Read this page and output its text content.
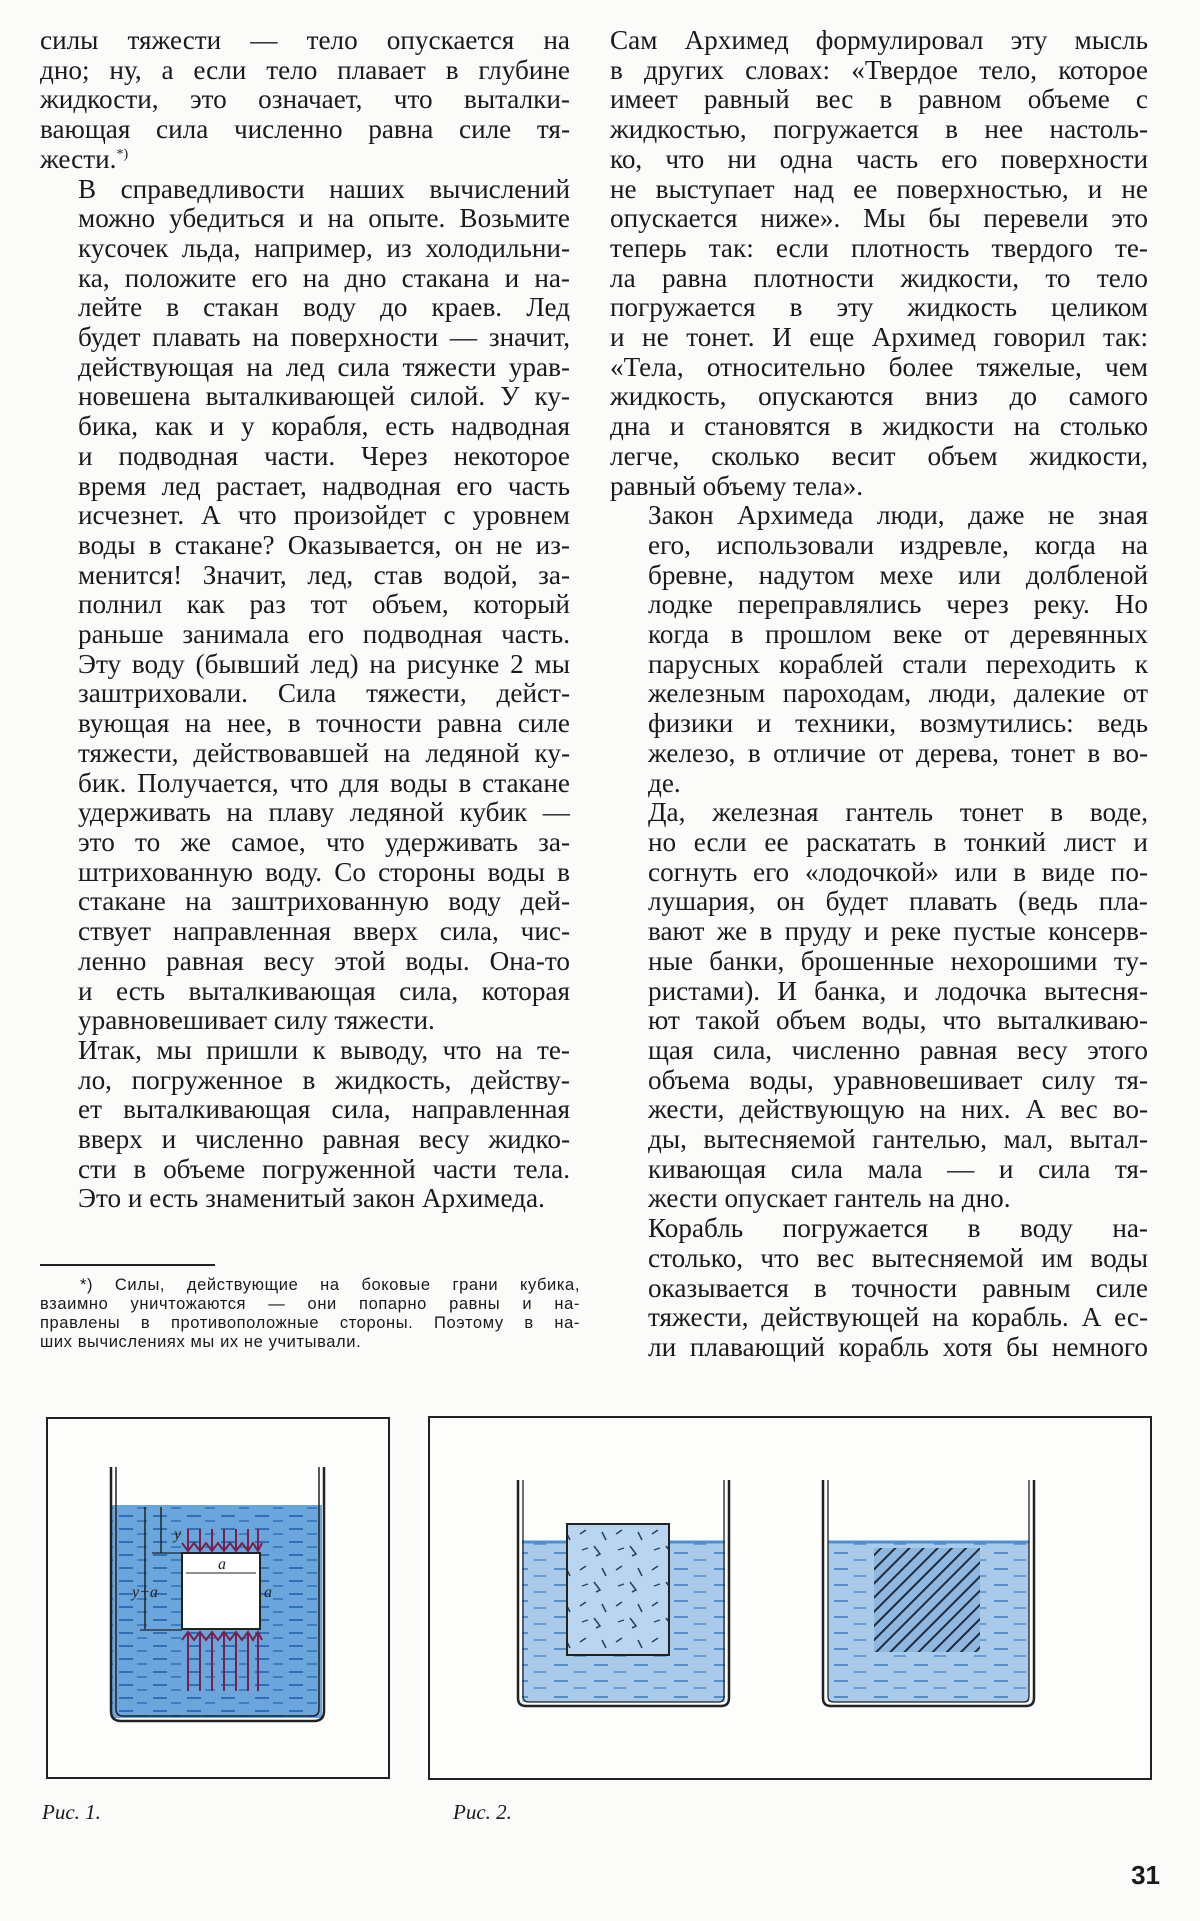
силы тяжести — тело опускается на
дно; ну, а если тело плавает в глубине
жидкости, это означает, что выталки-
вающая сила численно равна силе тя-
жести.*)

В справедливости наших вычислений
можно убедиться и на опыте. Возьмите
кусочек льда, например, из холодильни-
ка, положите его на дно стакана и на-
лейте в стакан воду до краев. Лед
будет плавать на поверхности — значит,
действующая на лед сила тяжести урав-
новешена выталкивающей силой. У ку-
бика, как и у корабля, есть надводная
и подводная части. Через некоторое
время лед растает, надводная его часть
исчезнет. А что произойдет с уровнем
воды в стакане? Оказывается, он не из-
менится! Значит, лед, став водой, за-
полнил как раз тот объем, который
раньше занимала его подводная часть.
Эту воду (бывший лед) на рисунке 2 мы
заштриховали. Сила тяжести, дейст-
вующая на нее, в точности равна силе
тяжести, действовавшей на ледяной ку-
бик. Получается, что для воды в стакане
удерживать на плаву ледяной кубик —
это то же самое, что удерживать за-
штрихованную воду. Со стороны воды в
стакане на заштрихованную воду дей-
ствует направленная вверх сила, чис-
ленно равная весу этой воды. Она-то
и есть выталкивающая сила, которая
уравновешивает силу тяжести.

Итак, мы пришли к выводу, что на те-
ло, погруженное в жидкость, действу-
ет выталкивающая сила, направленная
вверх и численно равная весу жидко-
сти в объеме погруженной части тела.
Это и есть знаменитый закон Архимеда.

Сам Архимед формулировал эту мысль
в других словах: «Твердое тело, которое
имеет равный вес в равном объеме с
жидкостью, погружается в нее настоль-
ко, что ни одна часть его поверхности
не выступает над ее поверхностью, и не
опускается ниже». Мы бы перевели это
теперь так: если плотность твердого те-
ла равна плотности жидкости, то тело
погружается в эту жидкость целиком
и не тонет. И еще Архимед говорил так:
«Тела, относительно более тяжелые, чем
жидкость, опускаются вниз до самого
дна и становятся в жидкости на столько
легче, сколько весит объем жидкости,
равный объему тела».

Закон Архимеда люди, даже не зная
его, использовали издревле, когда на
бревне, надутом мехе или долбленой
лодке переправлялись через реку. Но
когда в прошлом веке от деревянных
парусных кораблей стали переходить к
железным пароходам, люди, далекие от
физики и техники, возмутились: ведь
железо, в отличие от дерева, тонет в во-
де.

Да, железная гантель тонет в воде,
но если ее раскатать в тонкий лист и
согнуть его «лодочкой» или в виде по-
лушария, он будет плавать (ведь пла-
вают же в пруду и реке пустые консерв-
ные банки, брошенные нехорошими ту-
ристами). И банка, и лодочка вытесня-
ют такой объем воды, что выталкиваю-
щая сила, численно равная весу этого
объема воды, уравновешивает силу тя-
жести, действующую на них. А вес во-
ды, вытесняемой гантелью, мал, вытал-
кивающая сила мала — и сила тя-
жести опускает гантель на дно.

Корабль погружается в воду на-
столько, что вес вытесняемой им воды
оказывается в точности равным силе
тяжести, действующей на корабль. А ес-
ли плавающий корабль хотя бы немного

*) Силы, действующие на боковые грани кубика,
взаимно уничтожаются — они попарно равны и на-
правлены в противоположные стороны. Поэтому в на-
ших вычислениях мы их не учитывали.
y
y+a
a
a
Рис. 1.	Рис. 2.
31
